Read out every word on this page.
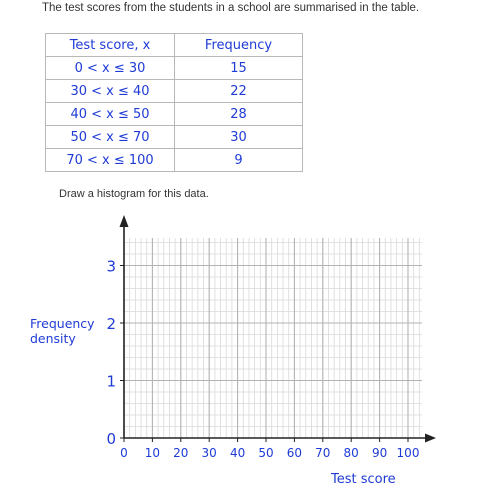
The test scores from the students in a school are summarised in the table.
Test score, x	Frequency
0 < x ≤ 30	15
30 < x ≤ 40	22
40 < x ≤ 50	28
50 < x ≤ 70	30
70 < x ≤ 100	9
Draw a histogram for this data.
0 10 20 30 40 50 60 70 80 90 100
0
1
2
3
Frequency
density
Test score
